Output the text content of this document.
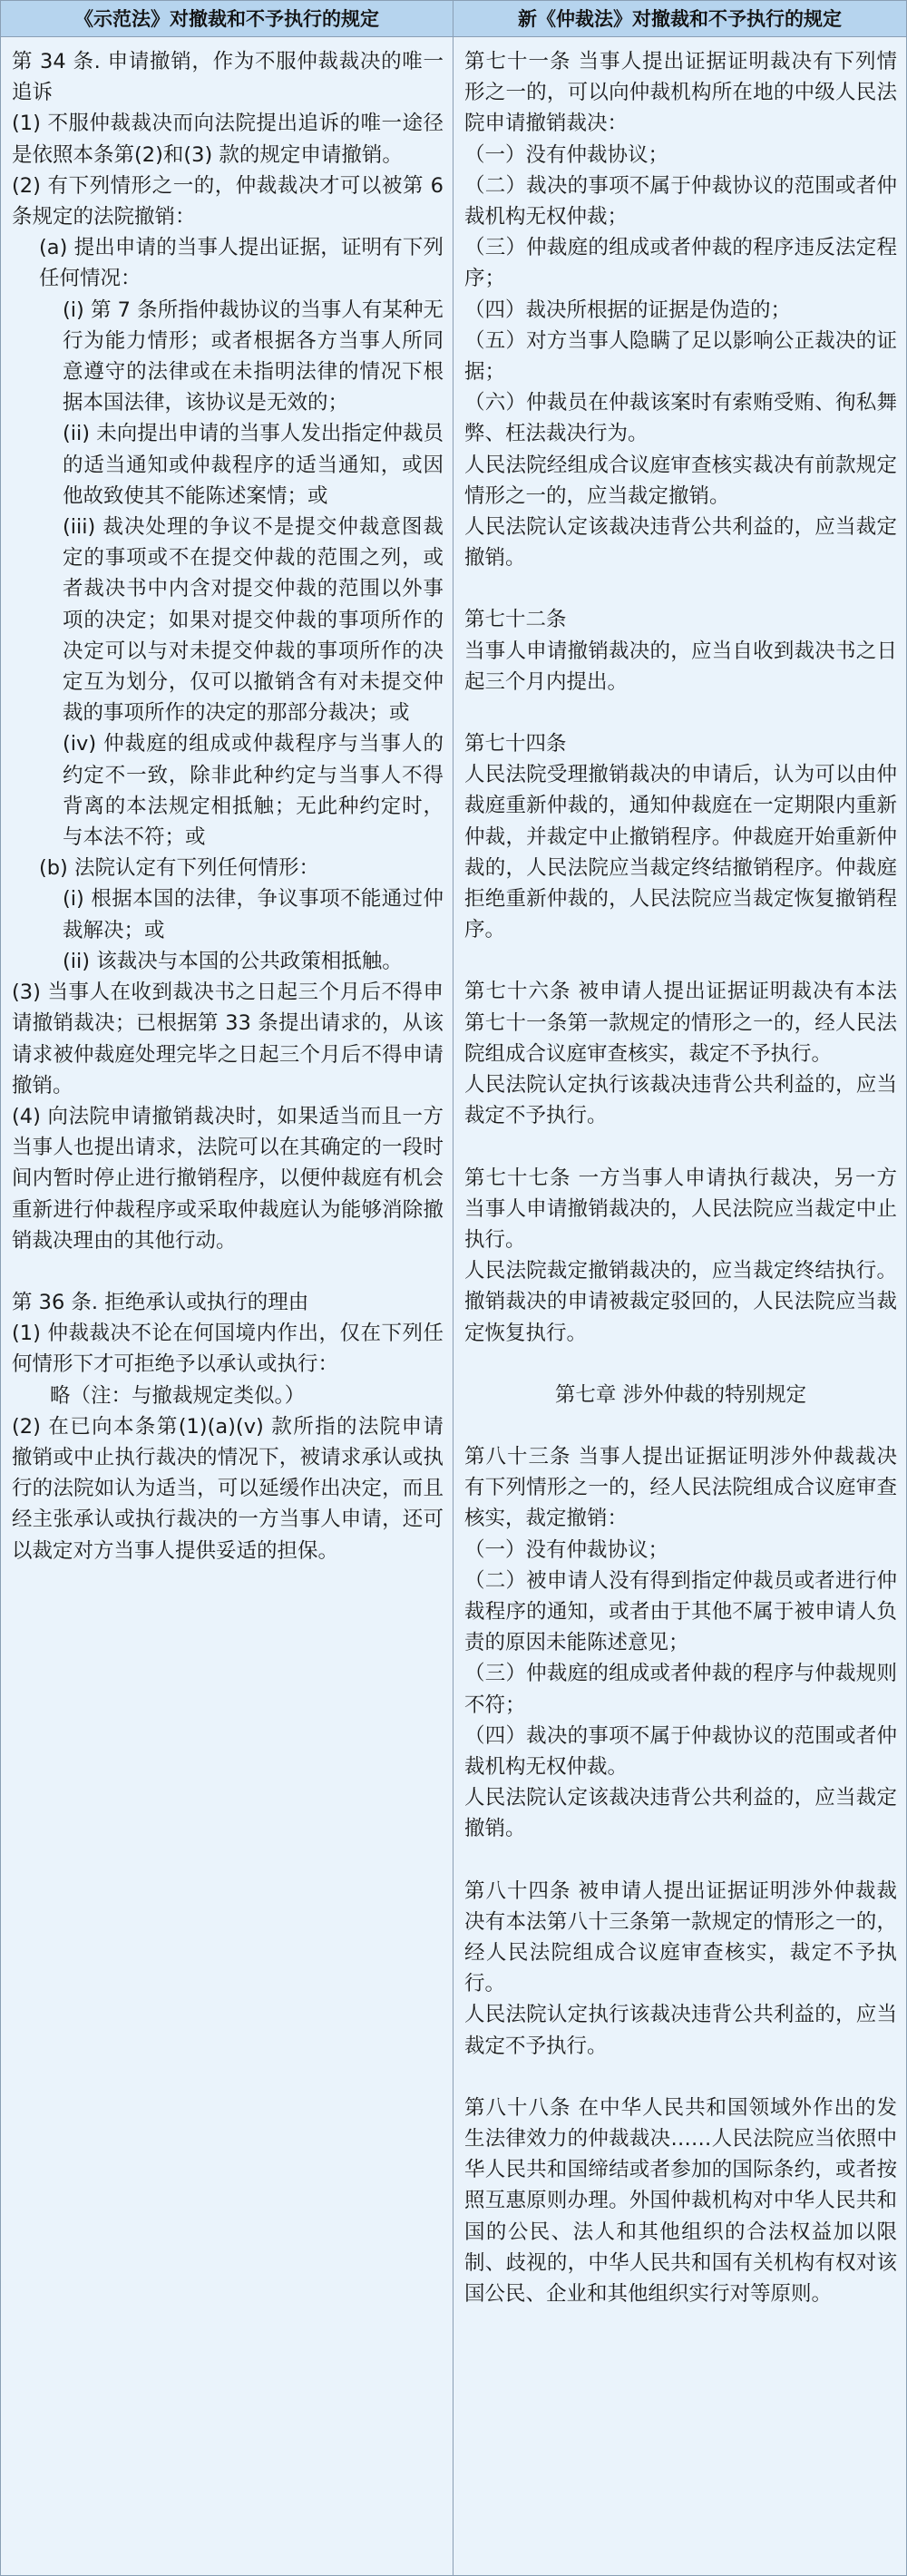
《示范法》对撤裁和不予执行的规定	新《仲裁法》对撤裁和不予执行的规定

第 34 条. 申请撤销，作为不服仲裁裁决的唯一追诉

(1) 不服仲裁裁决而向法院提出追诉的唯一途径是依照本条第(2)和(3) 款的规定申请撤销。

(2) 有下列情形之一的，仲裁裁决才可以被第 6 条规定的法院撤销：

(a) 提出申请的当事人提出证据，证明有下列任何情况：

(i) 第 7 条所指仲裁协议的当事人有某种无行为能力情形；或者根据各方当事人所同意遵守的法律或在未指明法律的情况下根据本国法律，该协议是无效的；

(ii) 未向提出申请的当事人发出指定仲裁员的适当通知或仲裁程序的适当通知，或因他故致使其不能陈述案情；或

(iii) 裁决处理的争议不是提交仲裁意图裁定的事项或不在提交仲裁的范围之列，或者裁决书中内含对提交仲裁的范围以外事项的决定；如果对提交仲裁的事项所作的决定可以与对未提交仲裁的事项所作的决定互为划分，仅可以撤销含有对未提交仲裁的事项所作的决定的那部分裁决；或

(iv) 仲裁庭的组成或仲裁程序与当事人的约定不一致，除非此种约定与当事人不得背离的本法规定相抵触；无此种约定时，与本法不符；或

(b) 法院认定有下列任何情形：

(i) 根据本国的法律，争议事项不能通过仲裁解决；或

(ii) 该裁决与本国的公共政策相抵触。

(3) 当事人在收到裁决书之日起三个月后不得申请撤销裁决；已根据第 33 条提出请求的，从该请求被仲裁庭处理完毕之日起三个月后不得申请撤销。

(4) 向法院申请撤销裁决时，如果适当而且一方当事人也提出请求，法院可以在其确定的一段时间内暂时停止进行撤销程序，以便仲裁庭有机会重新进行仲裁程序或采取仲裁庭认为能够消除撤销裁决理由的其他行动。

第 36 条. 拒绝承认或执行的理由

(1) 仲裁裁决不论在何国境内作出，仅在下列任何情形下才可拒绝予以承认或执行：

略（注：与撤裁规定类似。）

(2) 在已向本条第(1)(a)(v) 款所指的法院申请撤销或中止执行裁决的情况下，被请求承认或执行的法院如认为适当，可以延缓作出决定，而且经主张承认或执行裁决的一方当事人申请，还可以裁定对方当事人提供妥适的担保。

第七十一条 当事人提出证据证明裁决有下列情形之一的，可以向仲裁机构所在地的中级人民法院申请撤销裁决：

（一）没有仲裁协议；

（二）裁决的事项不属于仲裁协议的范围或者仲裁机构无权仲裁；

（三）仲裁庭的组成或者仲裁的程序违反法定程序；

（四）裁决所根据的证据是伪造的；

（五）对方当事人隐瞒了足以影响公正裁决的证据；

（六）仲裁员在仲裁该案时有索贿受贿、徇私舞弊、枉法裁决行为。

人民法院经组成合议庭审查核实裁决有前款规定情形之一的，应当裁定撤销。

人民法院认定该裁决违背公共利益的，应当裁定撤销。

第七十二条

当事人申请撤销裁决的，应当自收到裁决书之日起三个月内提出。

第七十四条

人民法院受理撤销裁决的申请后，认为可以由仲裁庭重新仲裁的，通知仲裁庭在一定期限内重新仲裁，并裁定中止撤销程序。仲裁庭开始重新仲裁的，人民法院应当裁定终结撤销程序。仲裁庭拒绝重新仲裁的，人民法院应当裁定恢复撤销程序。

第七十六条 被申请人提出证据证明裁决有本法第七十一条第一款规定的情形之一的，经人民法院组成合议庭审查核实，裁定不予执行。

人民法院认定执行该裁决违背公共利益的，应当裁定不予执行。

第七十七条 一方当事人申请执行裁决，另一方当事人申请撤销裁决的，人民法院应当裁定中止执行。

人民法院裁定撤销裁决的，应当裁定终结执行。撤销裁决的申请被裁定驳回的，人民法院应当裁定恢复执行。

第七章 涉外仲裁的特别规定

第八十三条 当事人提出证据证明涉外仲裁裁决有下列情形之一的，经人民法院组成合议庭审查核实，裁定撤销：

（一）没有仲裁协议；

（二）被申请人没有得到指定仲裁员或者进行仲裁程序的通知，或者由于其他不属于被申请人负责的原因未能陈述意见；

（三）仲裁庭的组成或者仲裁的程序与仲裁规则不符；

（四）裁决的事项不属于仲裁协议的范围或者仲裁机构无权仲裁。

人民法院认定该裁决违背公共利益的，应当裁定撤销。

第八十四条 被申请人提出证据证明涉外仲裁裁决有本法第八十三条第一款规定的情形之一的，经人民法院组成合议庭审查核实，裁定不予执行。

人民法院认定执行该裁决违背公共利益的，应当裁定不予执行。

第八十八条 在中华人民共和国领域外作出的发生法律效力的仲裁裁决……人民法院应当依照中华人民共和国缔结或者参加的国际条约，或者按照互惠原则办理。外国仲裁机构对中华人民共和国的公民、法人和其他组织的合法权益加以限制、歧视的，中华人民共和国有关机构有权对该国公民、企业和其他组织实行对等原则。
